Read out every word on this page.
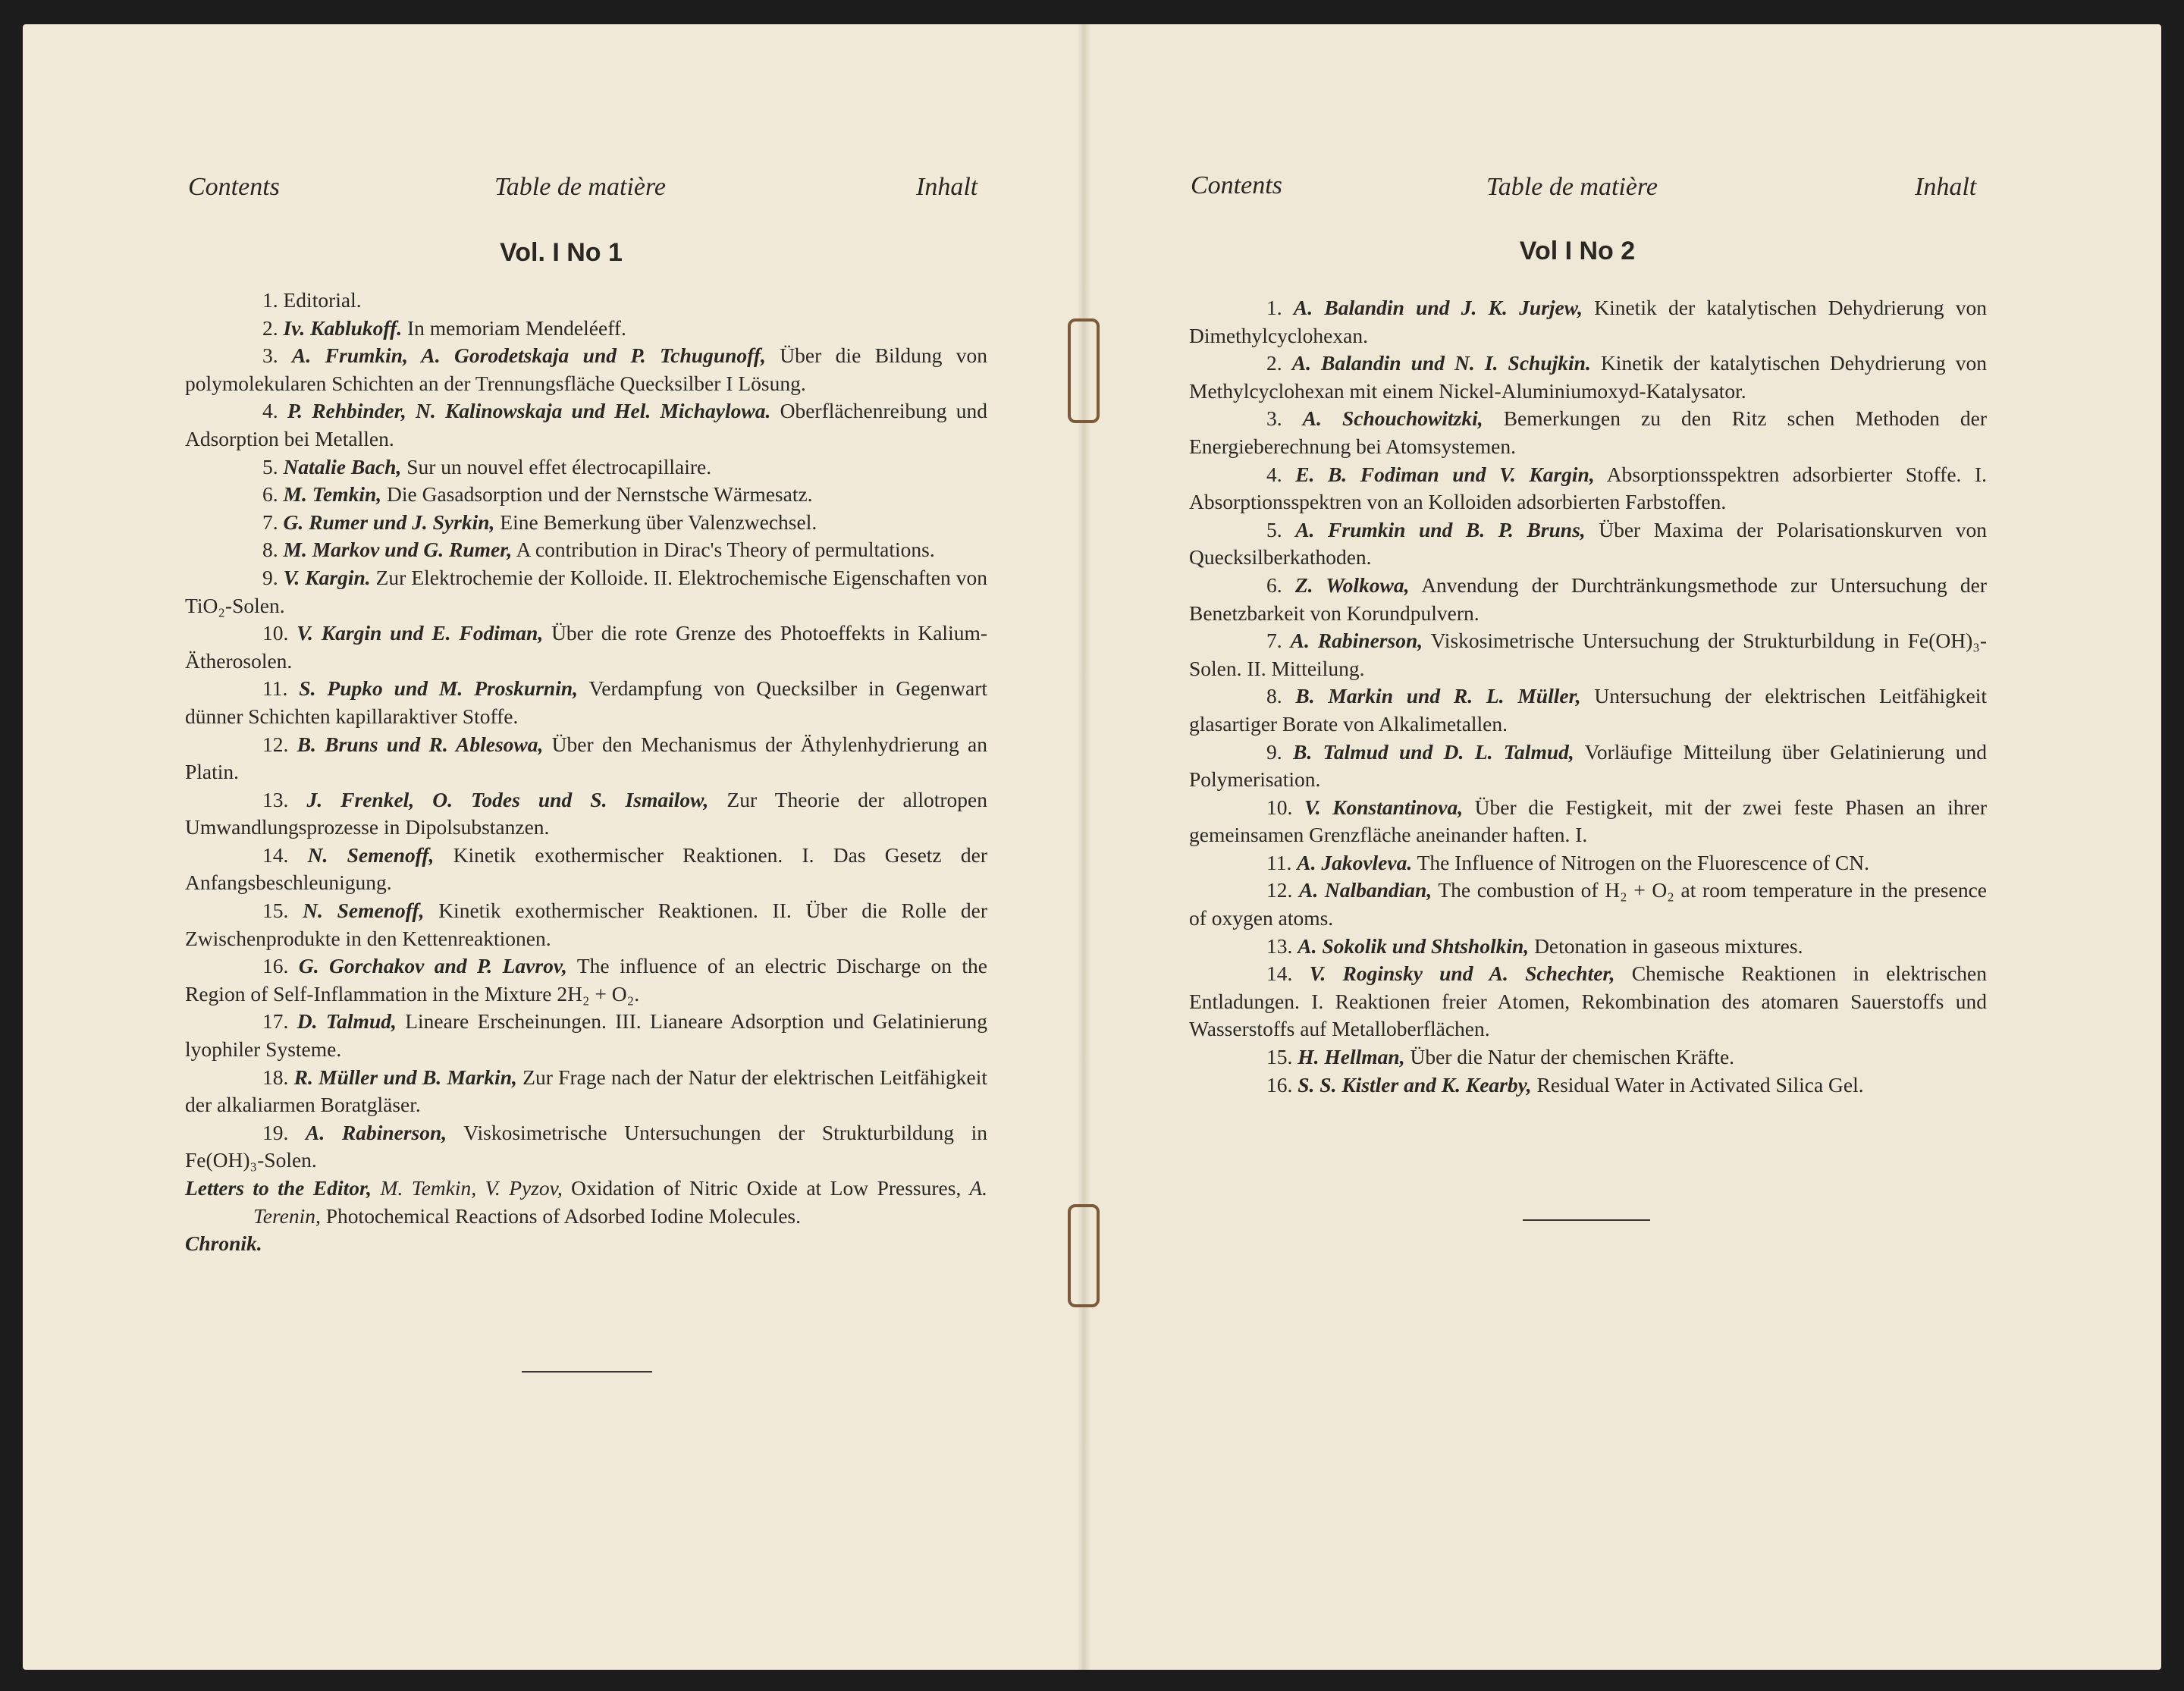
Contents	Table de matière	Inhalt
Vol. I No 1

1. Editorial.

2. Iv. Kablukoff. In memoriam Mendeléeff.

3. A. Frumkin, A. Gorodetskaja und P. Tchugunoff, Über die Bildung von polymolekularen Schichten an der Trennungsfläche Quecksilber I Lösung.

4. P. Rehbinder, N. Kalinowskaja und Hel. Michaylowa. Oberflächenreibung und Adsorption bei Metallen.

5. Natalie Bach, Sur un nouvel effet électrocapillaire.

6. M. Temkin, Die Gasadsorption und der Nernstsche Wärmesatz.

7. G. Rumer und J. Syrkin, Eine Bemerkung über Valenzwechsel.

8. M. Markov und G. Rumer, A contribution in Dirac's Theory of permultations.

9. V. Kargin. Zur Elektrochemie der Kolloide. II. Elektrochemische Eigenschaften von TiO₂-Solen.

10. V. Kargin und E. Fodiman, Über die rote Grenze des Photoeffekts in Kalium-Ätherosolen.

11. S. Pupko und M. Proskurnin, Verdampfung von Quecksilber in Gegenwart dünner Schichten kapillaraktiver Stoffe.

12. B. Bruns und R. Ablesowa, Über den Mechanismus der Äthylenhydrierung an Platin.

13. J. Frenkel, O. Todes und S. Ismailow, Zur Theorie der allotropen Umwandlungsprozesse in Dipolsubstanzen.

14. N. Semenoff, Kinetik exothermischer Reaktionen. I. Das Gesetz der Anfangsbeschleunigung.

15. N. Semenoff, Kinetik exothermischer Reaktionen. II. Über die Rolle der Zwischenprodukte in den Kettenreaktionen.

16. G. Gorchakov and P. Lavrov, The influence of an electric Discharge on the Region of Self-Inflammation in the Mixture 2H₂ + O₂.

17. D. Talmud, Lineare Erscheinungen. III. Lianeare Adsorption und Gelatinierung lyophiler Systeme.

18. R. Müller und B. Markin, Zur Frage nach der Natur der elektrischen Leitfähigkeit der alkaliarmen Boratgläser.

19. A. Rabinerson, Viskosimetrische Untersuchungen der Strukturbildung in Fe(OH)₃-Solen.

Letters to the Editor, M. Temkin, V. Pyzov, Oxidation of Nitric Oxide at Low Pressures, A. Terenin, Photochemical Reactions of Adsorbed Iodine Molecules.

Chronik.

Contents	Table de matière	Inhalt
Vol I No 2

1. A. Balandin und J. K. Jurjew, Kinetik der katalytischen Dehydrierung von Dimethylcyclohexan.

2. A. Balandin und N. I. Schujkin. Kinetik der katalytischen Dehydrierung von Methylcyclohexan mit einem Nickel-Aluminiumoxyd-Katalysator.

3. A. Schouchowitzki, Bemerkungen zu den Ritz schen Methoden der Energieberechnung bei Atomsystemen.

4. E. B. Fodiman und V. Kargin, Absorptionsspektren adsorbierter Stoffe. I. Absorptionsspektren von an Kolloiden adsorbierten Farbstoffen.

5. A. Frumkin und B. P. Bruns, Über Maxima der Polarisationskurven von Quecksilberkathoden.

6. Z. Wolkowa, Anvendung der Durchtränkungsmethode zur Untersuchung der Benetzbarkeit von Korundpulvern.

7. A. Rabinerson, Viskosimetrische Untersuchung der Strukturbildung in Fe(OH)₃-Solen. II. Mitteilung.

8. B. Markin und R. L. Müller, Untersuchung der elektrischen Leitfähigkeit glasartiger Borate von Alkalimetallen.

9. B. Talmud und D. L. Talmud, Vorläufige Mitteilung über Gelatinierung und Polymerisation.

10. V. Konstantinova, Über die Festigkeit, mit der zwei feste Phasen an ihrer gemeinsamen Grenzfläche aneinander haften. I.

11. A. Jakovleva. The Influence of Nitrogen on the Fluorescence of CN.

12. A. Nalbandian, The combustion of H₂ + O₂ at room temperature in the presence of oxygen atoms.

13. A. Sokolik und Shtsholkin, Detonation in gaseous mixtures.

14. V. Roginsky und A. Schechter, Chemische Reaktionen in elektrischen Entladungen. I. Reaktionen freier Atomen, Rekombination des atomaren Sauerstoffs und Wasserstoffs auf Metalloberflächen.

15. H. Hellman, Über die Natur der chemischen Kräfte.

16. S. S. Kistler and K. Kearby, Residual Water in Activated Silica Gel.
